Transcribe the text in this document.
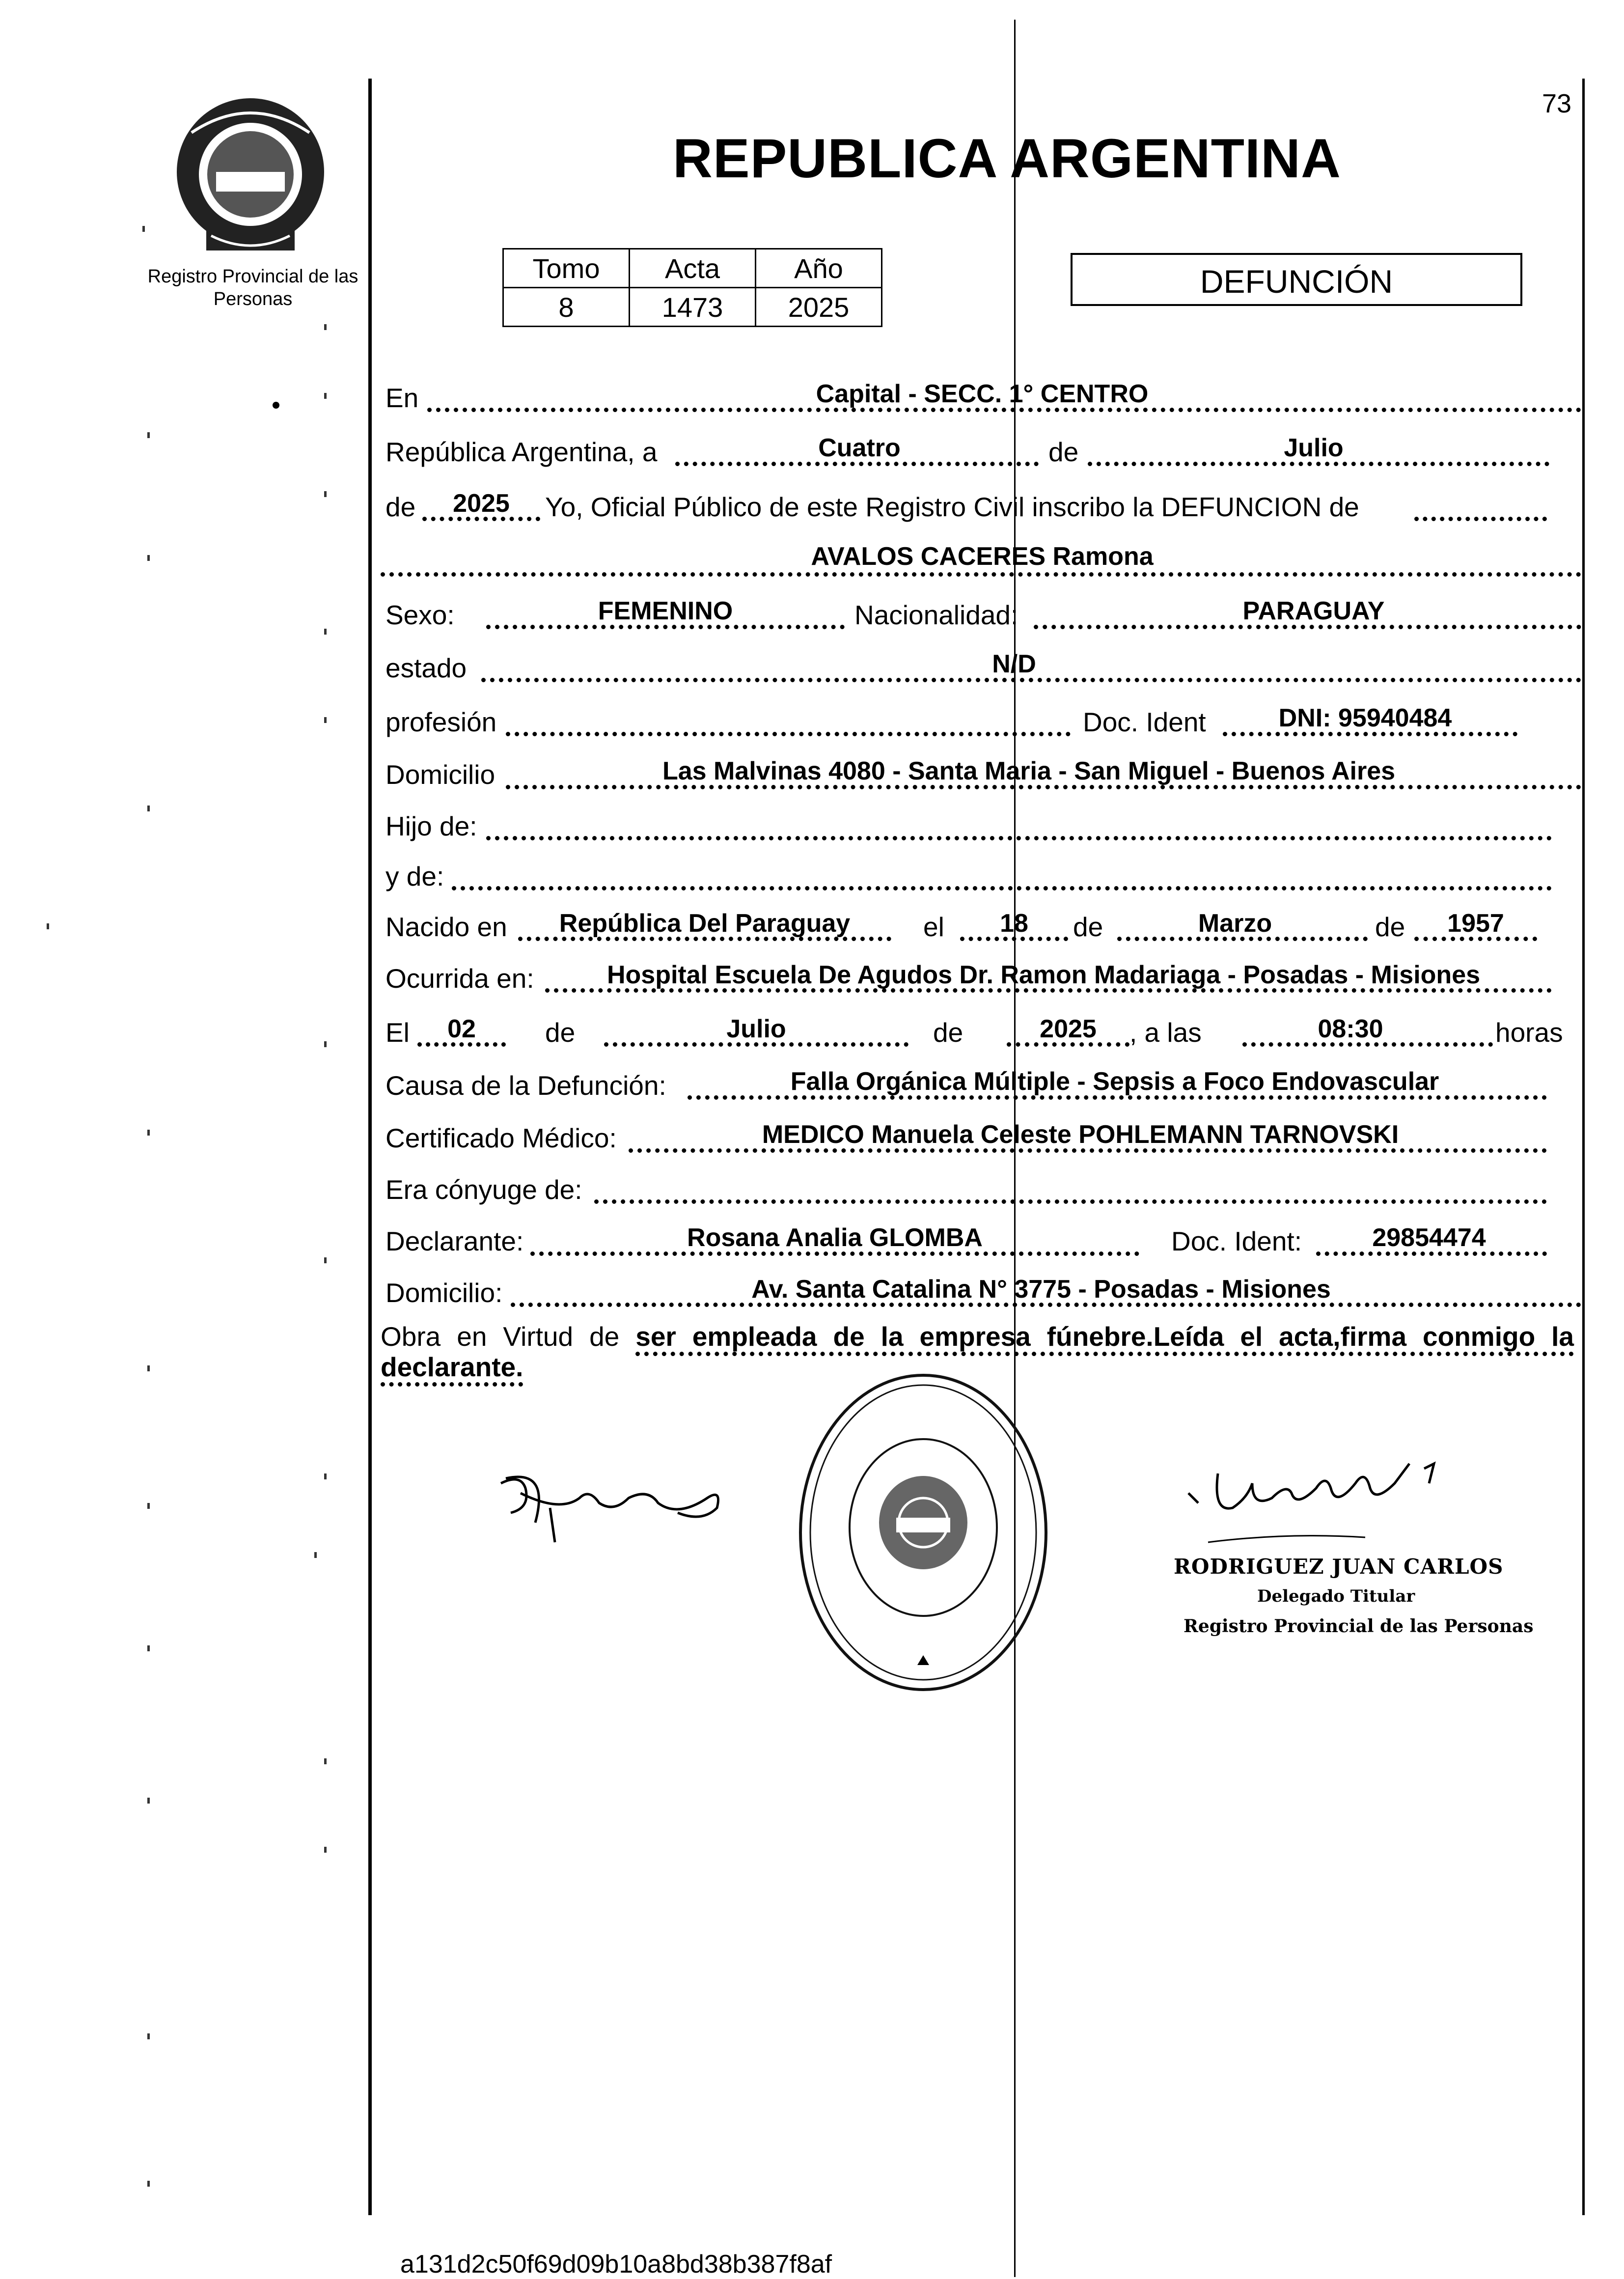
73
Registro Provincial de las Personas
REPUBLICA ARGENTINA
Tomo	Acta	Año
8	1473	2025
DEFUNCIÓN
En	Capital - SECC. 1° CENTRO
República Argentina, a	Cuatro	de	Julio
de	2025	Yo, Oficial Público de este Registro Civil inscribo la DEFUNCION de
AVALOS CACERES Ramona
Sexo:	FEMENINO	Nacionalidad:	PARAGUAY
estado	N/D
profesión	Doc. Ident	DNI: 95940484
Domicilio	Las Malvinas 4080 - Santa Maria - San Miguel - Buenos Aires
Hijo de:
y de:
Nacido en	República Del Paraguay	el	18	de	Marzo	de	1957
Ocurrida en:	Hospital Escuela De Agudos Dr. Ramon Madariaga - Posadas - Misiones
El	02	de	Julio	de	2025	, a las	08:30	horas
Causa de la Defunción:	Falla Orgánica Múltiple - Sepsis a Foco Endovascular
Certificado Médico:	MEDICO Manuela Celeste POHLEMANN TARNOVSKI
Era cónyuge de:
Declarante:	Rosana Analia GLOMBA	Doc. Ident:	29854474
Domicilio:	Av. Santa Catalina N° 3775 - Posadas - Misiones
Obra en Virtud de ser empleada de la empresa fúnebre.Leída el acta,firma conmigo la declarante.
RODRIGUEZ JUAN CARLOS
Delegado Titular
Registro Provincial de las Personas
a131d2c50f69d09b10a8bd38b387f8af
